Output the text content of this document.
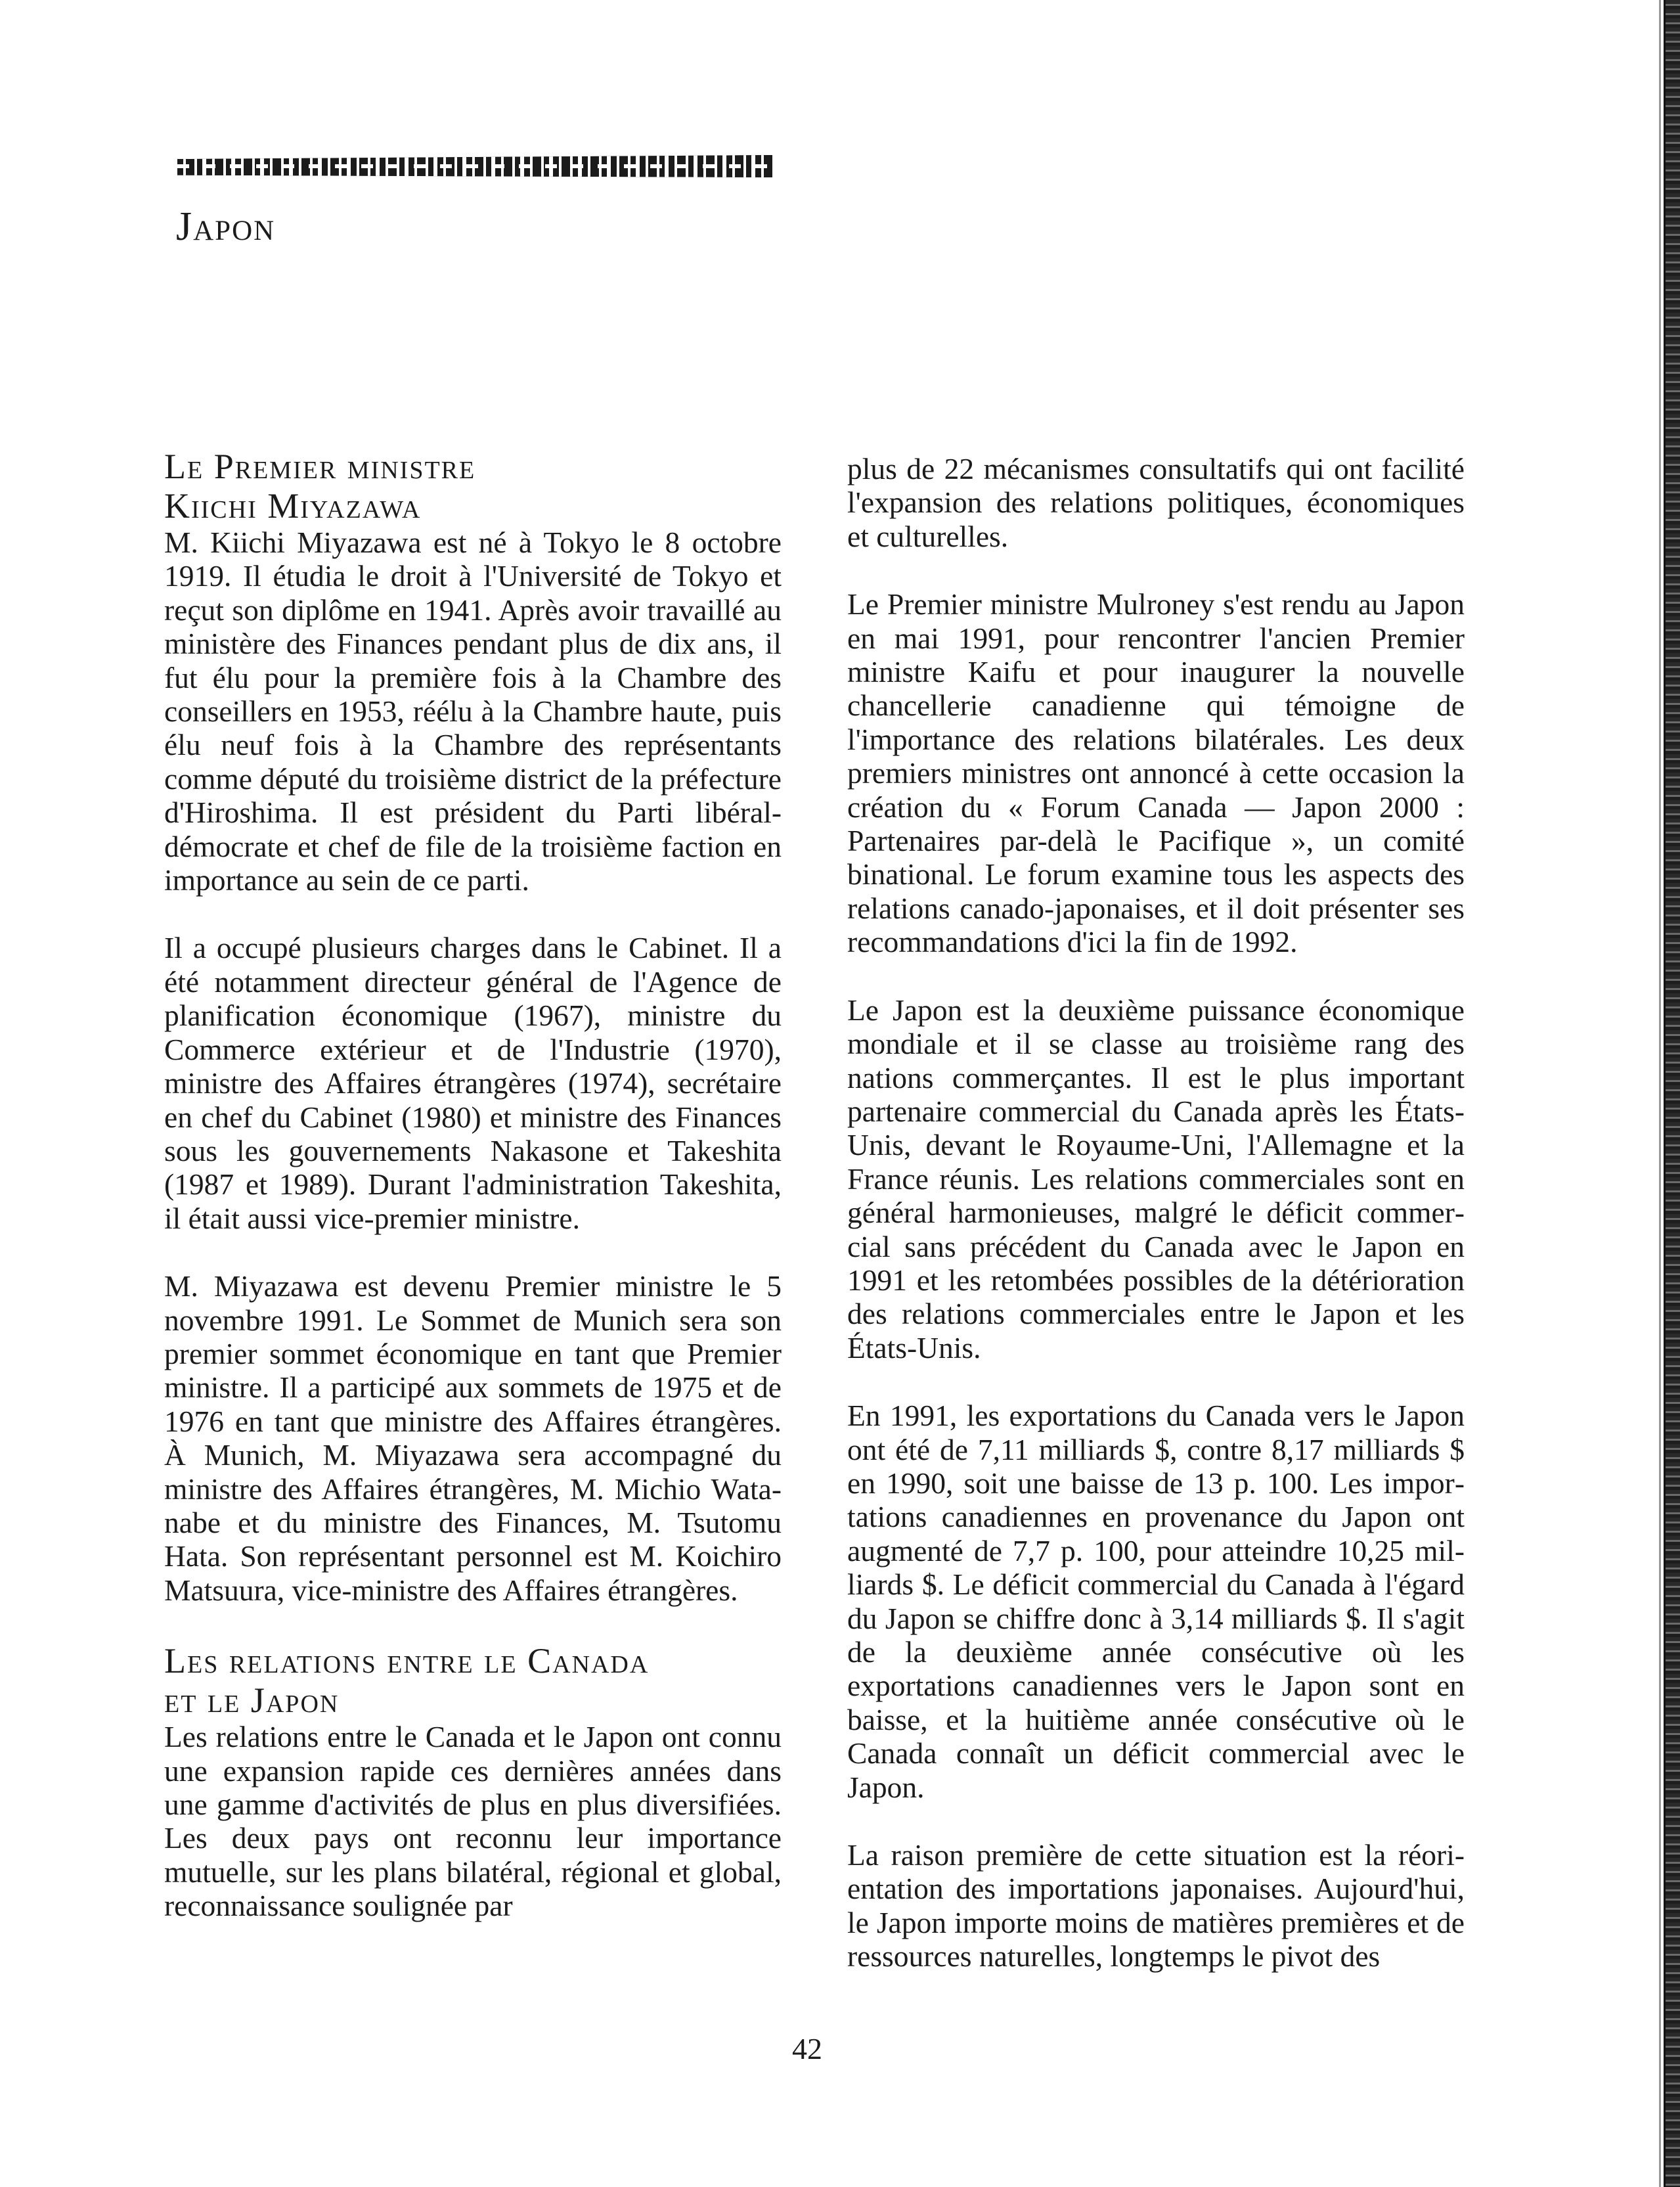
Japon
Le Premier ministre
Kiichi Miyazawa

M. Kiichi Miyazawa est né à Tokyo le 8 octobre 1919. Il étudia le droit à l'Université de Tokyo et reçut son diplôme en 1941. Après avoir travaillé au ministère des Finances pendant plus de dix ans, il fut élu pour la première fois à la Chambre des conseillers en 1953, réélu à la Chambre haute, puis élu neuf fois à la Chambre des représentants comme député du troisième district de la préfecture d'Hiroshima. Il est président du Parti libéral-démocrate et chef de file de la troisième faction en importance au sein de ce parti.

Il a occupé plusieurs charges dans le Cabinet. Il a été notamment directeur général de l'Agence de planification économique (1967), ministre du Commerce extérieur et de l'Industrie (1970), ministre des Affaires étrangères (1974), secrétaire en chef du Cabinet (1980) et ministre des Finances sous les gouvernements Nakasone et Takeshita (1987 et 1989). Durant l'administration Takeshita, il était aussi vice-premier ministre.

M. Miyazawa est devenu Premier ministre le 5 novembre 1991. Le Sommet de Munich sera son premier sommet économique en tant que Premier ministre. Il a participé aux sommets de 1975 et de 1976 en tant que ministre des Affaires étrangères. À Munich, M. Miyazawa sera accompagné du ministre des Affaires étrangères, M. Michio Watanabe et du ministre des Finances, M. Tsutomu Hata. Son représentant personnel est M. Koichiro Matsuura, vice-ministre des Affaires étrangères.

Les relations entre le Canada
et le Japon

Les relations entre le Canada et le Japon ont connu une expansion rapide ces dernières années dans une gamme d'activités de plus en plus diversifiées. Les deux pays ont reconnu leur importance mutuelle, sur les plans bilatéral, régional et global, reconnaissance soulignée par

plus de 22 mécanismes consultatifs qui ont facilité l'expansion des relations politiques, économiques et culturelles.

Le Premier ministre Mulroney s'est rendu au Japon en mai 1991, pour rencontrer l'ancien Premier ministre Kaifu et pour inaugurer la nouvelle chancellerie canadienne qui témoigne de l'importance des relations bilatérales. Les deux premiers ministres ont annoncé à cette occasion la création du « Forum Canada — Japon 2000 : Partenaires par-delà le Pacifique », un comité binational. Le forum examine tous les aspects des relations canado-japonaises, et il doit présenter ses recommandations d'ici la fin de 1992.

Le Japon est la deuxième puissance économique mondiale et il se classe au troisième rang des nations commerçantes. Il est le plus important partenaire commercial du Canada après les États-Unis, devant le Royaume-Uni, l'Allemagne et la France réunis. Les relations commerciales sont en général harmonieuses, malgré le déficit commercial sans précédent du Canada avec le Japon en 1991 et les retombées possibles de la détérioration des relations commerciales entre le Japon et les États-Unis.

En 1991, les exportations du Canada vers le Japon ont été de 7,11 milliards $, contre 8,17 milliards $ en 1990, soit une baisse de 13 p. 100. Les importations canadiennes en provenance du Japon ont augmenté de 7,7 p. 100, pour atteindre 10,25 milliards $. Le déficit commercial du Canada à l'égard du Japon se chiffre donc à 3,14 milliards $. Il s'agit de la deuxième année consécutive où les exportations canadiennes vers le Japon sont en baisse, et la huitième année consécutive où le Canada connaît un déficit commercial avec le Japon.

La raison première de cette situation est la réorientation des importations japonaises. Aujourd'hui, le Japon importe moins de matières premières et de ressources naturelles, longtemps le pivot des

42
